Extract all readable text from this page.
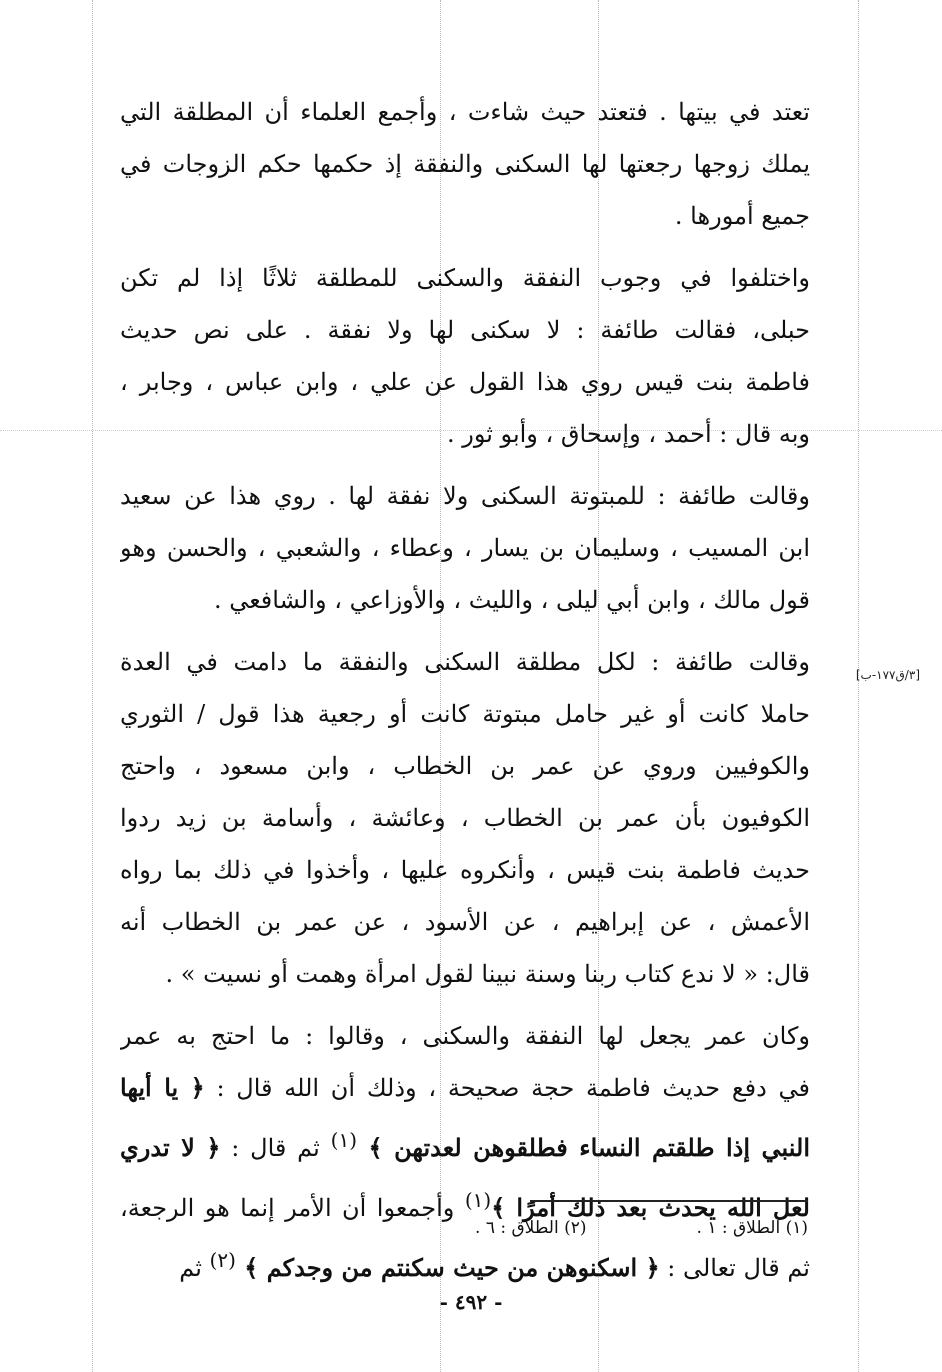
تعتد في بيتها . فتعتد حيث شاءت ، وأجمع العلماء أن المطلقة التي
يملك زوجها رجعتها لها السكنى والنفقة إذ حكمها حكم الزوجات في
جميع أمورها .
واختلفوا في وجوب النفقة والسكنى للمطلقة ثلاثًا إذا لم تكن
حبلى، فقالت طائفة : لا سكنى لها ولا نفقة . على نص حديث
فاطمة بنت قيس روي هذا القول عن علي ، وابن عباس ، وجابر ،
وبه قال : أحمد ، وإسحاق ، وأبو ثور .
وقالت طائفة : للمبتوتة السكنى ولا نفقة لها . روي هذا عن سعيد
ابن المسيب ، وسليمان بن يسار ، وعطاء ، والشعبي ، والحسن وهو
قول مالك ، وابن أبي ليلى ، والليث ، والأوزاعي ، والشافعي .
وقالت طائفة : لكل مطلقة السكنى والنفقة ما دامت في العدة
حاملا كانت أو غير حامل مبتوتة كانت أو رجعية هذا قول / الثوري
والكوفيين وروي عن عمر بن الخطاب ، وابن مسعود ، واحتج
الكوفيون بأن عمر بن الخطاب ، وعائشة ، وأسامة بن زيد ردوا
حديث فاطمة بنت قيس ، وأنكروه عليها ، وأخذوا في ذلك بما رواه
الأعمش ، عن إبراهيم ، عن الأسود ، عن عمر بن الخطاب أنه
قال: « لا ندع كتاب ربنا وسنة نبينا لقول امرأة وهمت أو نسيت » .
وكان عمر يجعل لها النفقة والسكنى ، وقالوا : ما احتج به عمر
في دفع حديث فاطمة حجة صحيحة ، وذلك أن الله قال : ﴿ يا أيها
النبي إذا طلقتم النساء فطلقوهن لعدتهن ﴾ $^{(١)}$ ثم قال : ﴿ لا تدري
لعل الله يحدث بعد ذلك أمرًا ﴾$^{(١)}$ وأجمعوا أن الأمر إنما هو الرجعة،
ثم قال تعالى : ﴿ اسكنوهن من حيث سكنتم من وجدكم ﴾ $^{(٢)}$ ثم
[٣/ق١٧٧-ب]
(١) الطلاق : ١ .
(٢) الطلاق : ٦ .
- ٤٩٢ -
